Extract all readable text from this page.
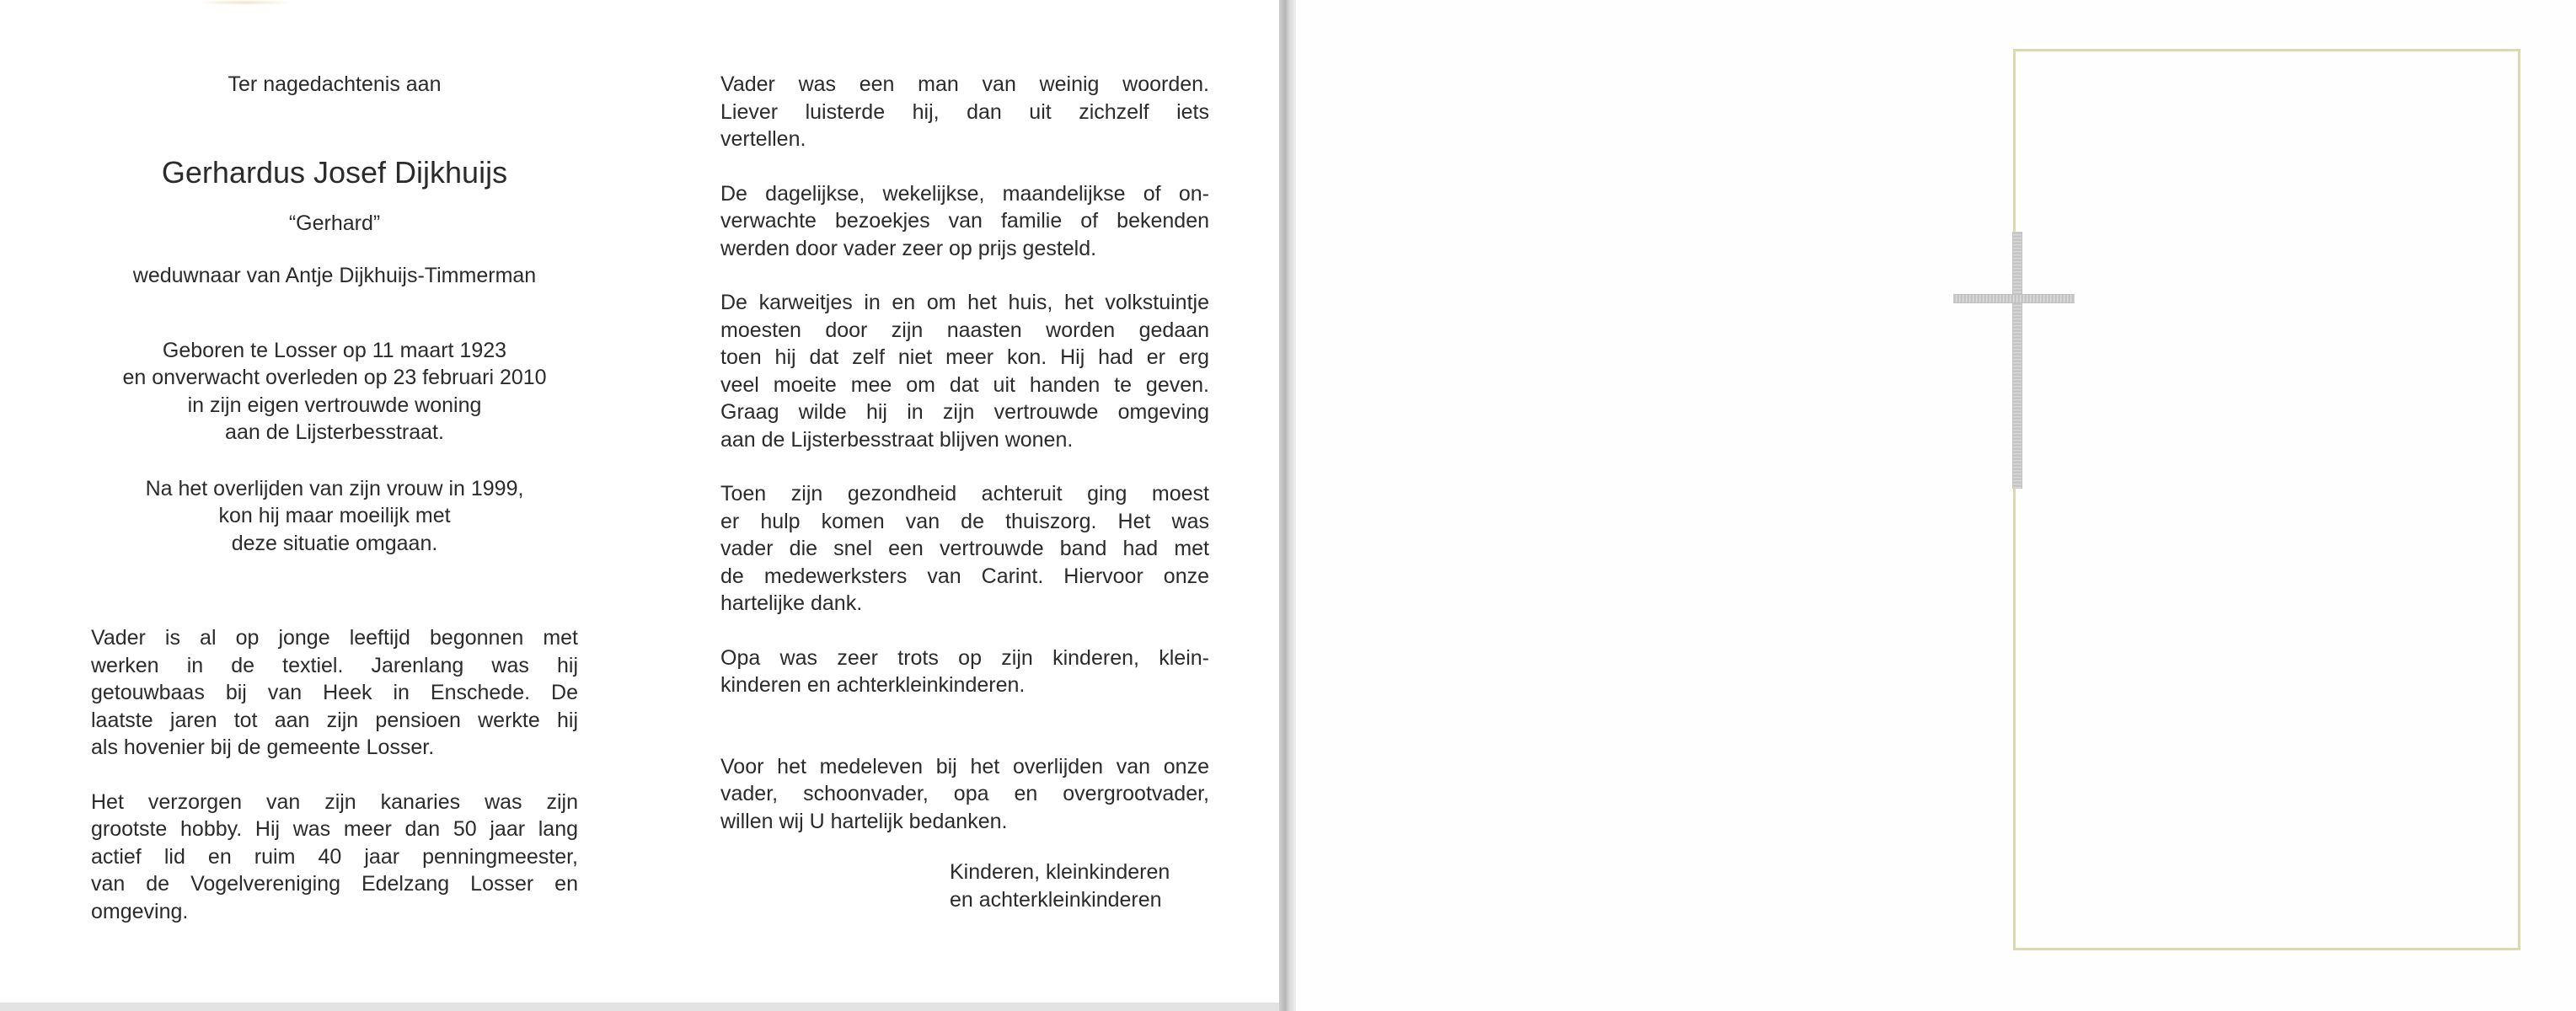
Ter nagedachtenis aan

Gerhardus Josef Dijkhuijs

“Gerhard”

weduwnaar van Antje Dijkhuijs-Timmerman

Geboren te Losser op 11 maart 1923
en onverwacht overleden op 23 februari 2010
in zijn eigen vertrouwde woning
aan de Lijsterbesstraat.
Na het overlijden van zijn vrouw in 1999,
kon hij maar moeilijk met
deze situatie omgaan.
Vader is al op jonge leeftijd begonnen met
werken in de textiel. Jarenlang was hij
getouwbaas bij van Heek in Enschede. De
laatste jaren tot aan zijn pensioen werkte hij
als hovenier bij de gemeente Losser.
Het verzorgen van zijn kanaries was zijn
grootste hobby. Hij was meer dan 50 jaar lang
actief lid en ruim 40 jaar penningmeester,
van de Vogelvereniging Edelzang Losser en
omgeving.
Vader was een man van weinig woorden.
Liever luisterde hij, dan uit zichzelf iets
vertellen.
De dagelijkse, wekelijkse, maandelijkse of on-
verwachte bezoekjes van familie of bekenden
werden door vader zeer op prijs gesteld.
De karweitjes in en om het huis, het volkstuintje
moesten door zijn naasten worden gedaan
toen hij dat zelf niet meer kon. Hij had er erg
veel moeite mee om dat uit handen te geven.
Graag wilde hij in zijn vertrouwde omgeving
aan de Lijsterbesstraat blijven wonen.
Toen zijn gezondheid achteruit ging moest
er hulp komen van de thuiszorg. Het was
vader die snel een vertrouwde band had met
de medewerksters van Carint. Hiervoor onze
hartelijke dank.
Opa was zeer trots op zijn kinderen, klein-
kinderen en achterkleinkinderen.
Voor het medeleven bij het overlijden van onze
vader, schoonvader, opa en overgrootvader,
willen wij U hartelijk bedanken.
Kinderen, kleinkinderen
en achterkleinkinderen
